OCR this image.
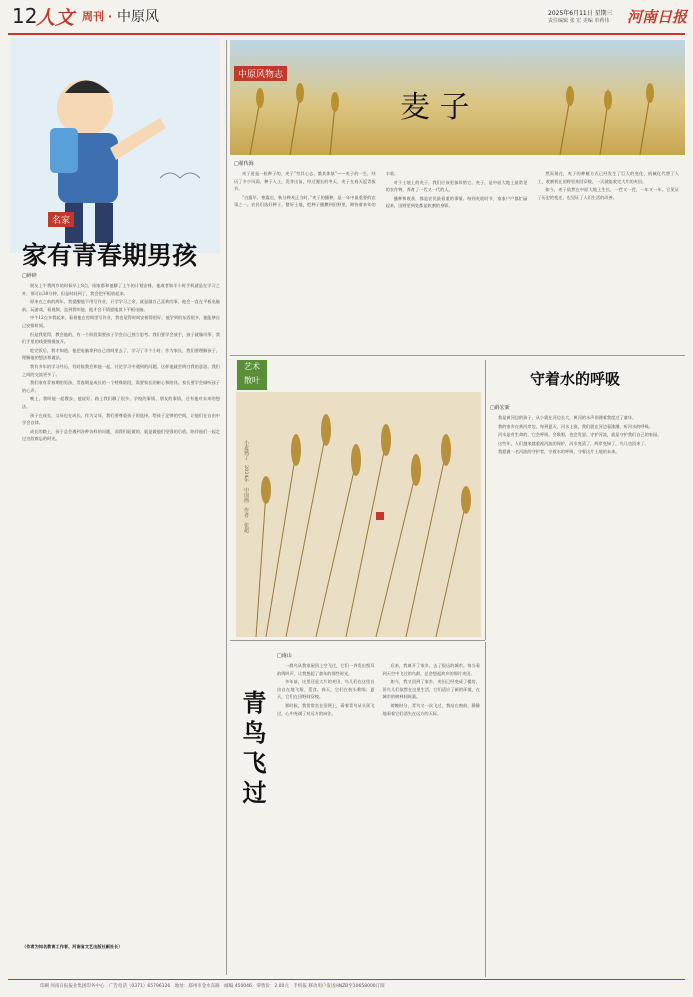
12
人文 周刊 · 中原风	2025年6月11日 星期三
责任编辑 张 宏 美编 单莉伟 河南日报
名家
家有青春期男孩
□碎碎

朋友上午我两岁的时候早上8点，刚家都和他聊了上午的计划安排，他或者如半小时手机就是在学习之外，那可以30分钟，但是时间到了，我会把平板收起来。

原来在之前的两年，我提醒他不用写作业，只学学习之余，就是做自己喜欢的事，他会一直在平板电脑前，玩游戏，看视频，直到我叫他，他才会不情愿地放下平板电脑。

中午12点多我起来，看着他在房间里写作业，我也觉得时间安排得很好，他学到的东西很多，他能够自己安排时间。

但是我觉得，教会他的，有一个阶段需要孩子学会自己独立思考。我们要学会放手，孩子就像风筝，我们手里的线要慢慢放开。

吃完饭后，我才知道，他把电脑拿到自己房间里去了，学习了半个小时。作为家长，我们要理解孩子，理解他的想法和做法。

我有多年的学习经历，有时候我会和他一起，讨论学习中遇到的问题，这样他就会明白我的意思。我们之间的交流更多了。

我们家有青春期的男孩，青春期是成长的一个特殊阶段，需要家长的耐心和陪伴。家长要学会倾听孩子的心声。

晚上，我叫他一起散步，他说好。路上我们聊了很多，学校的事情、朋友的事情，还有他对未来的想法。

孩子在成长，父母也在成长。作为父母，我们要尊重孩子的选择，给孩子足够的空间，让他们在自由中学会自律。

成长的路上，孩子总会遇到各种各样的问题，而我们能做的，就是做他们坚强的后盾，陪伴他们一起走过这段难忘的时光。

（作者为知名教育工作者、河南省文艺出版社副社长）
中原风物志
麦 子
□翟传海

麦子进是一粒种子的，麦子“劳其心志，饿其体肤”——麦子的一生，经历了多少风雨。种子入土，发芽出苗，经过漫长的冬天，麦子在春天返青拔节。

“白露早，寒露迟，秋分种麦正当时。”麦子的播种，是一年中最重要的农事之一。农民们选好种子，整好土地，把种子播撒到田野里，期待着来年的丰收。

对于土地上的麦子，我们应该更加珍惜它。麦子，是中原大地上最常见的农作物，养育了一代又一代的人。

播种和收获，都是农民最看重的事情。每到麦收时节，家家户户都忙碌起来，田野里到处都是收割的身影。

然而现在，麦子的种植方式已经发生了巨大的变化，机械化代替了人工，收割机在田野里来回穿梭，一天就能收完大片的麦田。

如今，麦子依然在中原大地上生长，一茬又一茬，一年又一年。它见证了历史的变迁，也见证了人们生活的改善。

艺术
散叶
小麦熟了　2024年　中国画　作者　张超
守着水的呼吸
□薛宏新

我是黄河边的孩子，从小就在河边长大，黄河的水声伴随着我度过了童年。

我的家乡在黄河岸边，每到夏天，河水上涨，我们就在河边看涨潮，听河水的呼吸。

河水是有生命的，它会呼吸，会歌唱，也会发怒。守护河流，就是守护我们自己的家园。

这些年，人们越来越重视河流的保护，河水变清了，两岸变绿了，鸟儿也回来了。

我愿做一名河流的守护者，守着水的呼吸，守着这片土地的未来。

青鸟飞过
□南山

一群鸟从我家屋顶上空飞过，它们一齐发出悦耳的鸣叫声，让我想起了童年的那些时光。

多年前，这里还是大片的麦田，鸟儿们在这里自由自在地飞翔、觅食。春天，它们在枝头歌唱；夏天，它们在田野间穿梭。

那时候，我常常坐在田埂上，看着青鸟从头顶飞过，心中充满了对远方的向往。

后来，我离开了家乡，去了很远的城市。每当看到天空中飞过的鸟群，总会想起故乡的那片麦田。

如今，我又回到了家乡，麦田已经变成了楼房，但鸟儿们依然在这里生活，它们适应了新的环境，在城市的树林间筑巢。

傍晚时分，青鸟又一次飞过，我站在窗前，静静地看着它们消失在远方的天际。

印刷 河南日报报业集团印务中心　广告电话（0371）65796126　地址：郑州市金水东路　邮编 450046　零售价：2.00元　手机报 移动用户发送HNZB至10658000订阅
